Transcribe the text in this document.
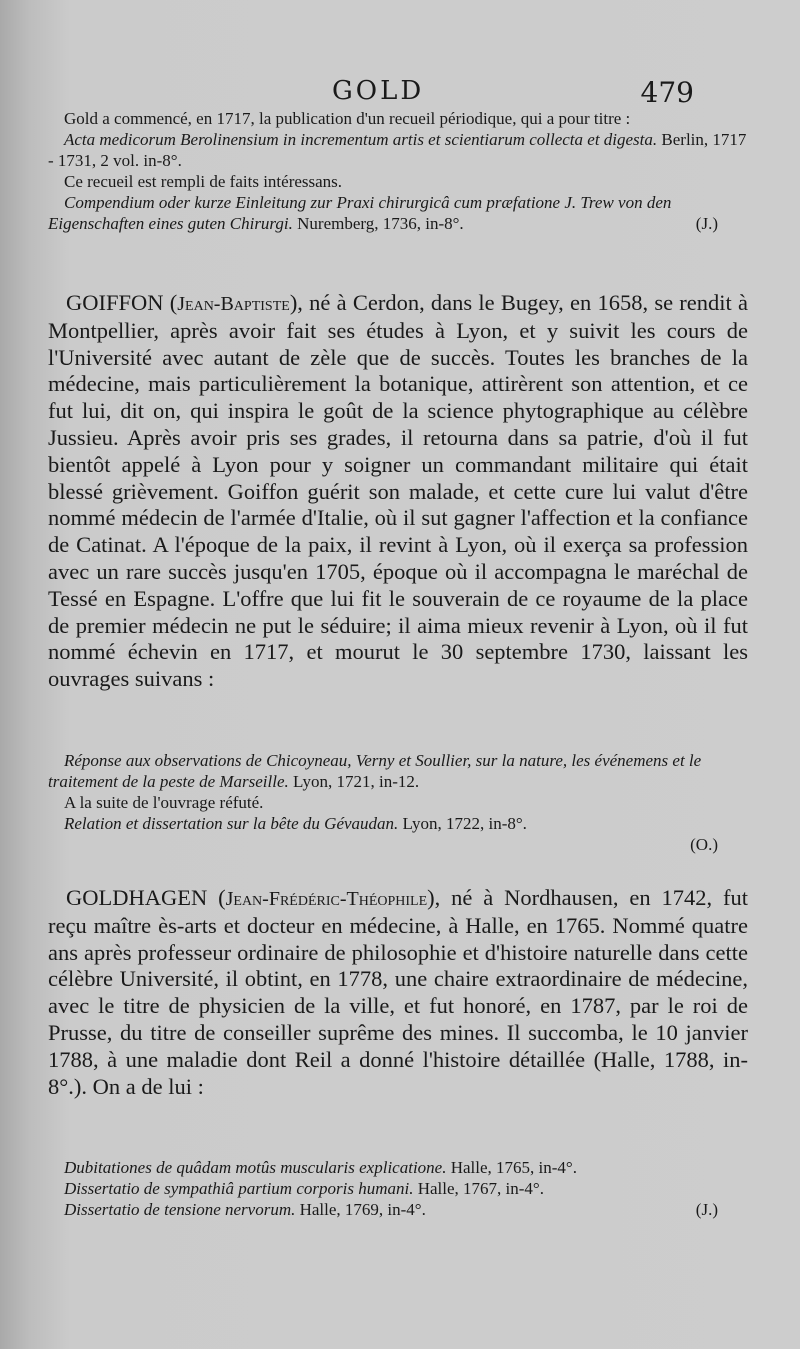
GOLD	479

Gold a commencé, en 1717, la publication d'un recueil périodique, qui a pour titre :

Acta medicorum Berolinensium in incrementum artis et scientiarum collecta et digesta. Berlin, 1717 - 1731, 2 vol. in-8°.

Ce recueil est rempli de faits intéressans.

Compendium oder kurze Einleitung zur Praxi chirurgicâ cum præfatione J. Trew von den Eigenschaften eines guten Chirurgi. Nuremberg, 1736, in-8°.	(J.)

GOIFFON (Jean-Baptiste), né à Cerdon, dans le Bugey, en 1658, se rendit à Montpellier, après avoir fait ses études à Lyon, et y suivit les cours de l'Université avec autant de zèle que de succès. Toutes les branches de la médecine, mais particulièrement la botanique, attirèrent son attention, et ce fut lui, dit on, qui inspira le goût de la science phytographique au célèbre Jussieu. Après avoir pris ses grades, il retourna dans sa patrie, d'où il fut bientôt appelé à Lyon pour y soigner un commandant militaire qui était blessé grièvement. Goiffon guérit son malade, et cette cure lui valut d'être nommé médecin de l'armée d'Italie, où il sut gagner l'affection et la confiance de Catinat. A l'époque de la paix, il revint à Lyon, où il exerça sa profession avec un rare succès jusqu'en 1705, époque où il accompagna le maréchal de Tessé en Espagne. L'offre que lui fit le souverain de ce royaume de la place de premier médecin ne put le séduire; il aima mieux revenir à Lyon, où il fut nommé échevin en 1717, et mourut le 30 septembre 1730, laissant les ouvrages suivans :

Réponse aux observations de Chicoyneau, Verny et Soullier, sur la nature, les événemens et le traitement de la peste de Marseille. Lyon, 1721, in-12.

A la suite de l'ouvrage réfuté.

Relation et dissertation sur la bête du Gévaudan. Lyon, 1722, in-8°.

(O.)

GOLDHAGEN (Jean-Frédéric-Théophile), né à Nordhausen, en 1742, fut reçu maître ès-arts et docteur en médecine, à Halle, en 1765. Nommé quatre ans après professeur ordinaire de philosophie et d'histoire naturelle dans cette célèbre Université, il obtint, en 1778, une chaire extraordinaire de médecine, avec le titre de physicien de la ville, et fut honoré, en 1787, par le roi de Prusse, du titre de conseiller suprême des mines. Il succomba, le 10 janvier 1788, à une maladie dont Reil a donné l'histoire détaillée (Halle, 1788, in-8°.). On a de lui :

Dubitationes de quâdam motûs muscularis explicatione. Halle, 1765, in-4°.

Dissertatio de sympathiâ partium corporis humani. Halle, 1767, in-4°.

Dissertatio de tensione nervorum. Halle, 1769, in-4°.	(J.)
